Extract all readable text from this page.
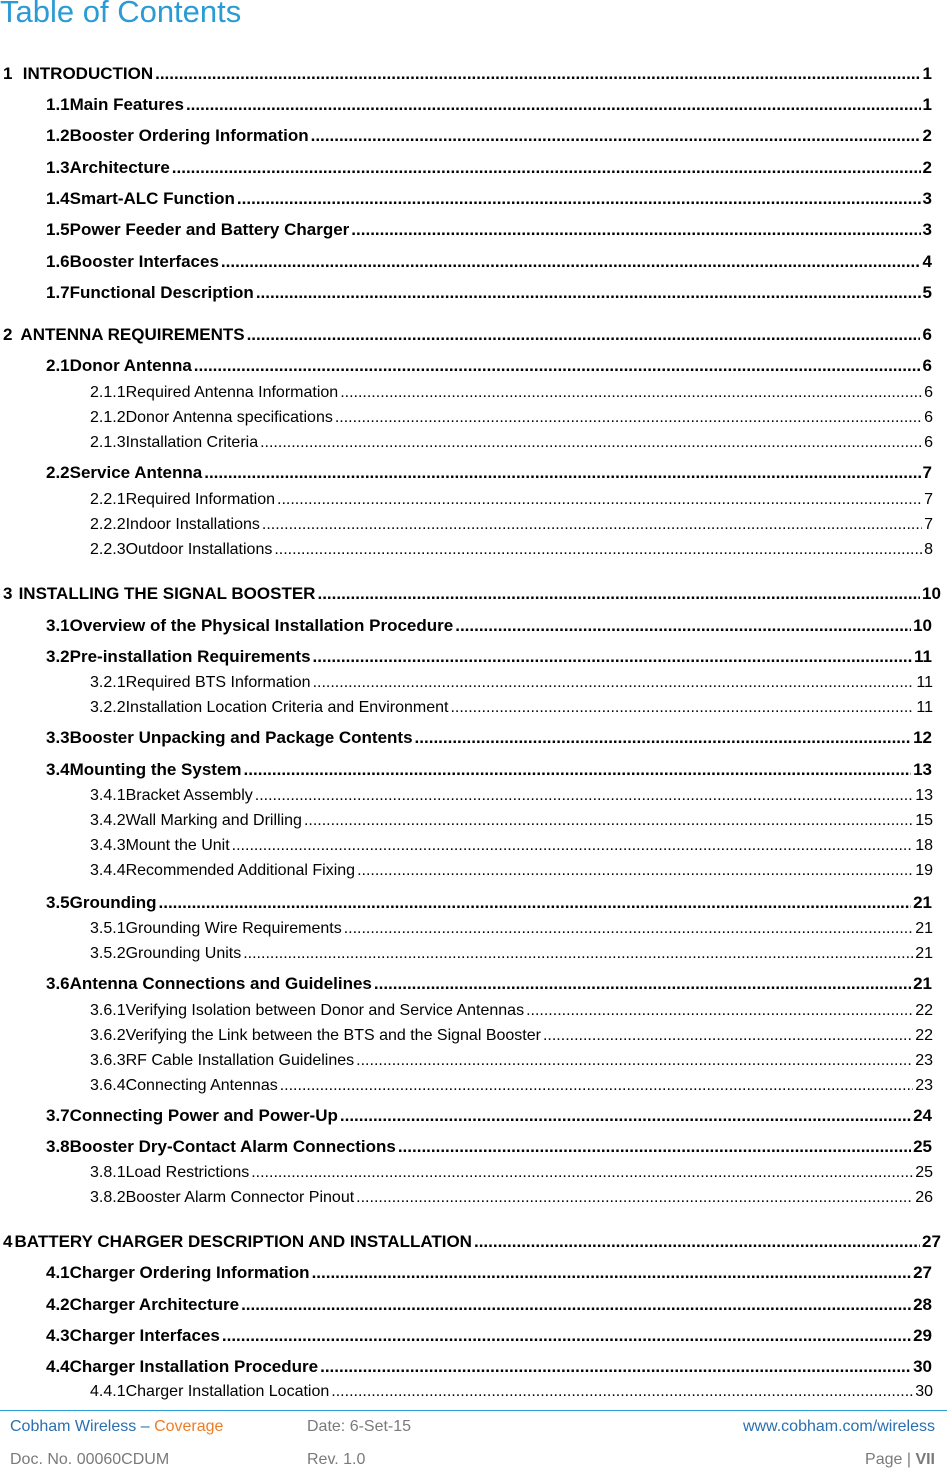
Table of Contents
1 INTRODUCTION .....	1
1.1 Main Features .....	1
1.2 Booster Ordering Information .....	2
1.3 Architecture .....	2
1.4 Smart-ALC Function .....	3
1.5 Power Feeder and Battery Charger .....	3
1.6 Booster Interfaces .....	4
1.7 Functional Description .....	5
2 ANTENNA REQUIREMENTS .....	6
2.1 Donor Antenna .....	6
2.1.1 Required Antenna Information .....	6
2.1.2 Donor Antenna specifications .....	6
2.1.3 Installation Criteria .....	6
2.2 Service Antenna .....	7
2.2.1 Required Information .....	7
2.2.2 Indoor Installations .....	7
2.2.3 Outdoor Installations .....	8
3 INSTALLING THE SIGNAL BOOSTER .....	10
3.1 Overview of the Physical Installation Procedure .....	10
3.2 Pre-installation Requirements .....	11
3.2.1 Required BTS Information .....	11
3.2.2 Installation Location Criteria and Environment .....	11
3.3 Booster Unpacking and Package Contents .....	12
3.4 Mounting the System .....	13
3.4.1 Bracket Assembly .....	13
3.4.2 Wall Marking and Drilling .....	15
3.4.3 Mount the Unit .....	18
3.4.4 Recommended Additional Fixing .....	19
3.5 Grounding .....	21
3.5.1 Grounding Wire Requirements .....	21
3.5.2 Grounding Units .....	21
3.6 Antenna Connections and Guidelines .....	21
3.6.1 Verifying Isolation between Donor and Service Antennas .....	22
3.6.2 Verifying the Link between the BTS and the Signal Booster .....	22
3.6.3 RF Cable Installation Guidelines .....	23
3.6.4 Connecting Antennas .....	23
3.7 Connecting Power and Power-Up .....	24
3.8 Booster Dry-Contact Alarm Connections .....	25
3.8.1 Load Restrictions .....	25
3.8.2 Booster Alarm Connector Pinout .....	26
4 BATTERY CHARGER DESCRIPTION AND INSTALLATION .....	27
4.1 Charger Ordering Information .....	27
4.2 Charger Architecture .....	28
4.3 Charger Interfaces .....	29
4.4 Charger Installation Procedure .....	30
4.4.1 Charger Installation Location .....	30
Cobham Wireless – Coverage	Date: 6-Set-15	www.cobham.com/wireless
Doc. No. 00060CDUM	Rev. 1.0	Page | VII
